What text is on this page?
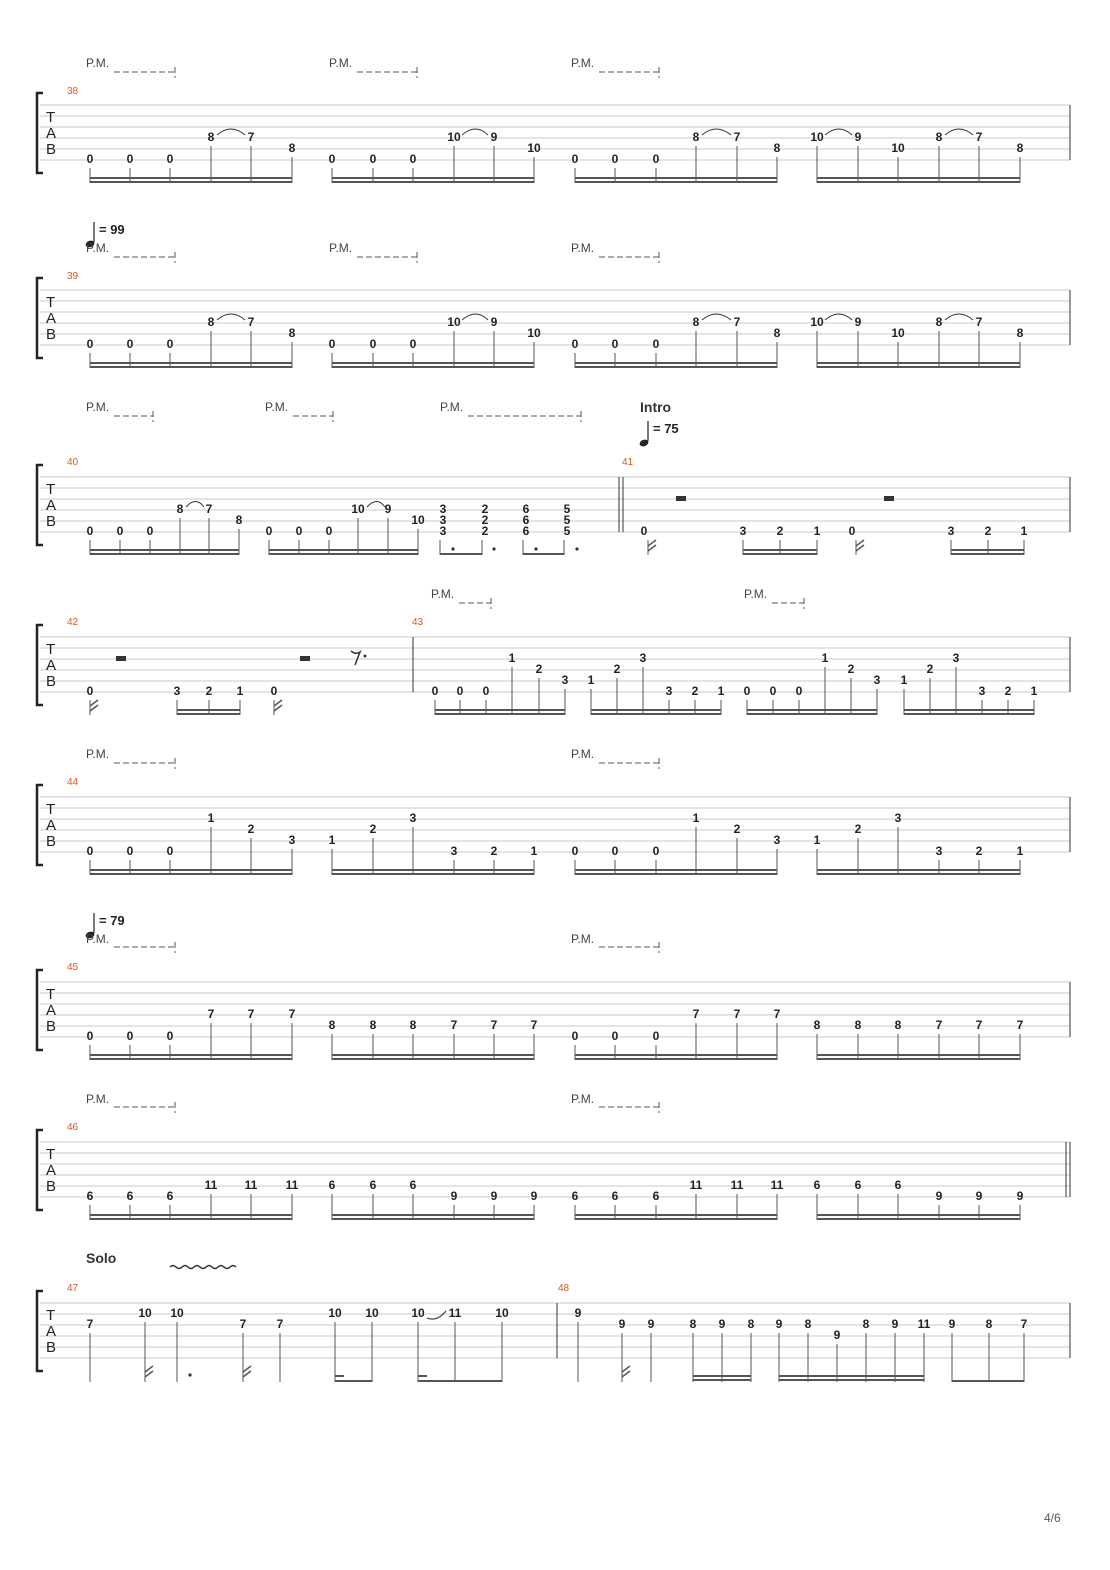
P.M.	P.M.	P.M.
38
T
A
B
0	0	0
8	7
8
0	0	0
10 9
10
0	0	0
8	7
8
10	9
10
8	7
8
= 99
P.M.	P.M.	P.M.
39
T
A
B
0	0	0
8	7
8
0	0	0
10 9
10
0	0	0
8	7
8
10	9
10
8	7
8
P.M.	P.M.	P.M.	Intro
= 75
40	41
T
A
B
0 0 0
8 7
8
0 0 0
10 9
10
3
3
3
2
2
2
6
6
6
5
5
5	0	3	2	1 0	3	2 1
P.M.	P.M.
42	43
T
A
B
0	3 2 1 0	0 0 0
1
2
3 1
2
3
3 2 1 0 0 0
1
2
3 1
2
3
3 2 1
P.M.	P.M.
44
T
A
B
0	0	0
1
2
3	1
2
3
3	2	1	0	0	0
1
2
3	1
2
3
3	2	1
= 79
P.M.	P.M.
45
T
A
B
0	0	0
7	7	7
8	8	8	7	7	7
0	0	0
7	7	7
8	8	8	7	7	7
P.M.	P.M.
46
T
A
B
6	6	6
11 11 11	6	6	6
9	9	9	6	6	6
11 11 11	6	6	6
9	9	9
Solo
47	48
T
A
B
7
10 10
7	7
10 10	10 11	10	9
9 9	8 9 8 9 8
9
8 9 11 9	8 7
4/6
